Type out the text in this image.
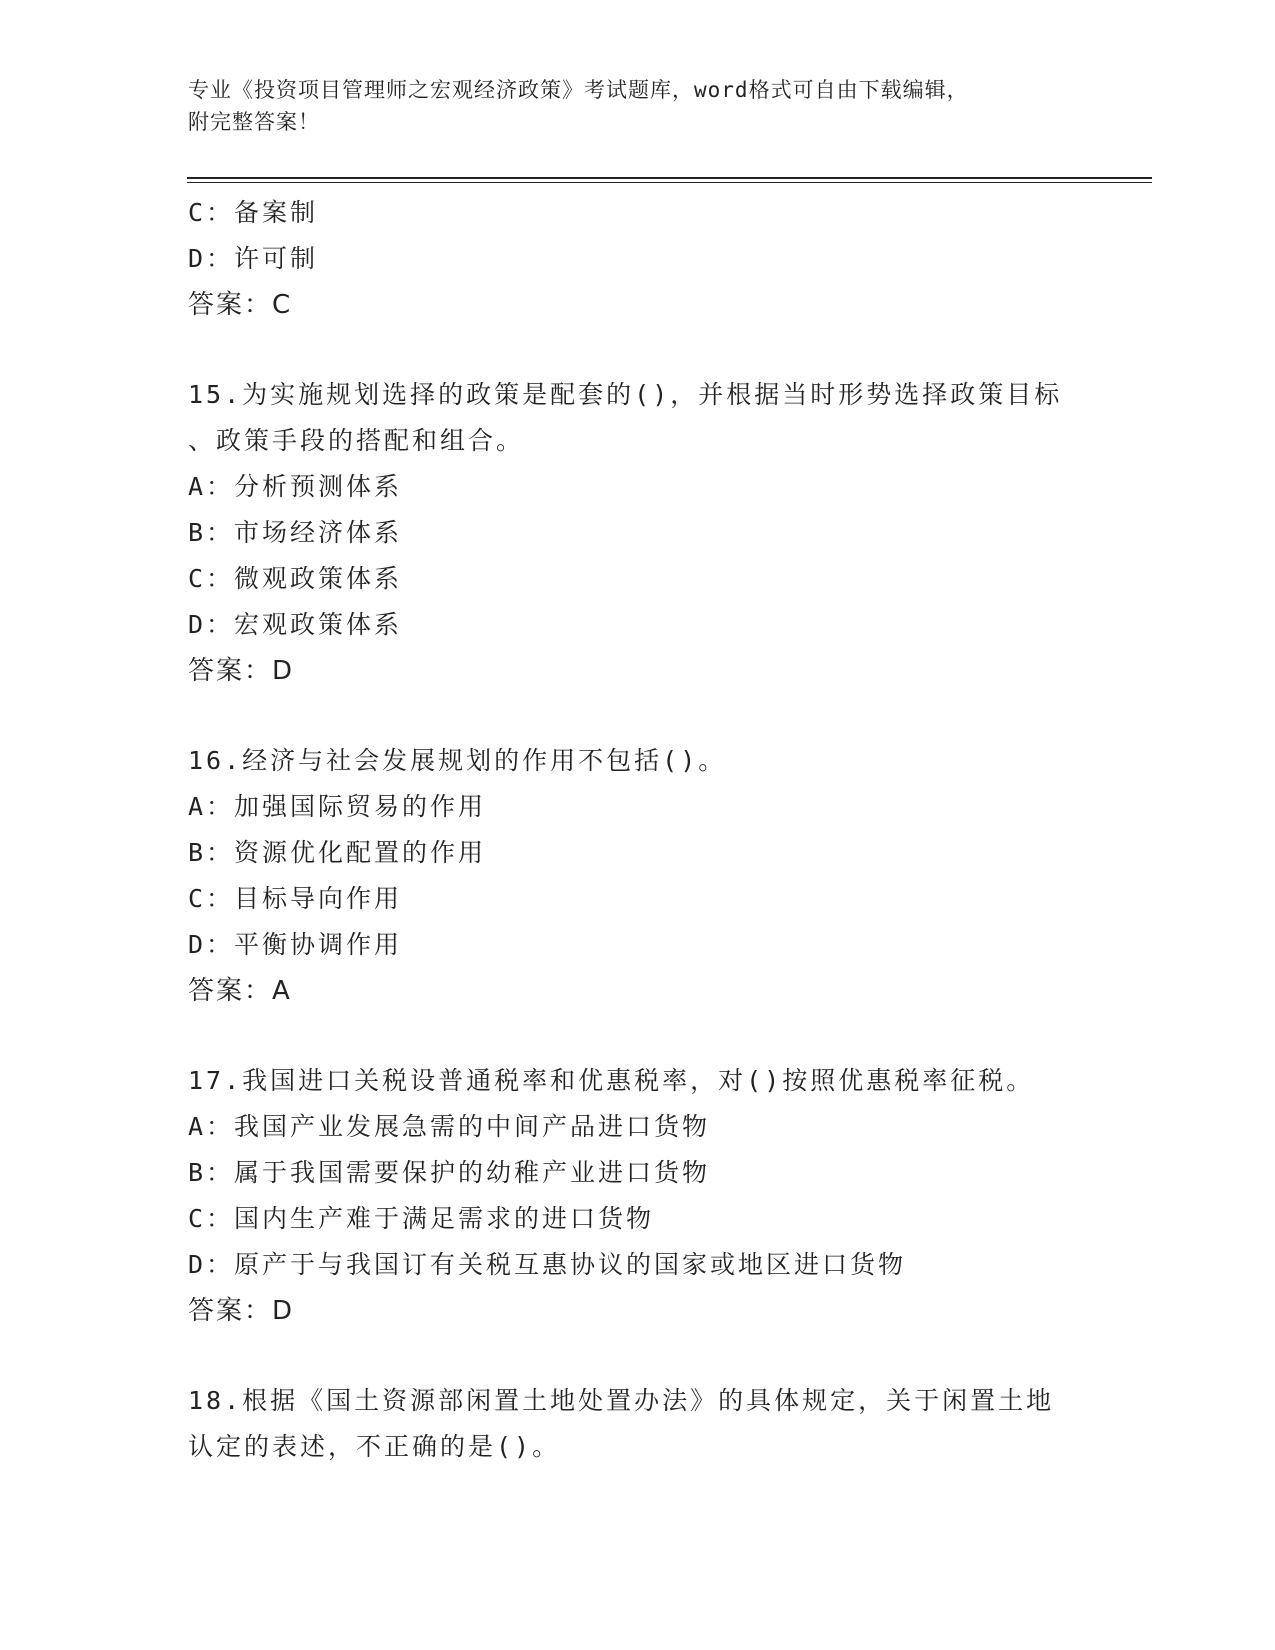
专业《投资项目管理师之宏观经济政策》考试题库，word格式可自由下载编辑，
附完整答案！
C：备案制
D：许可制
答案：C
15.为实施规划选择的政策是配套的()，并根据当时形势选择政策目标
、政策手段的搭配和组合。
A：分析预测体系
B：市场经济体系
C：微观政策体系
D：宏观政策体系
答案：D
16.经济与社会发展规划的作用不包括()。
A：加强国际贸易的作用
B：资源优化配置的作用
C：目标导向作用
D：平衡协调作用
答案：A
17.我国进口关税设普通税率和优惠税率，对()按照优惠税率征税。
A：我国产业发展急需的中间产品进口货物
B：属于我国需要保护的幼稚产业进口货物
C：国内生产难于满足需求的进口货物
D：原产于与我国订有关税互惠协议的国家或地区进口货物
答案：D
18.根据《国土资源部闲置土地处置办法》的具体规定，关于闲置土地
认定的表述，不正确的是()。
